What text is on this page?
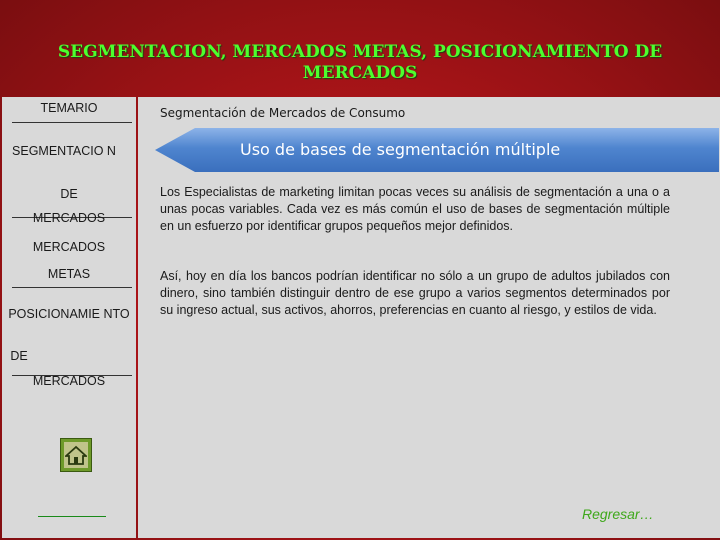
SEGMENTACION, MERCADOS METAS, POSICIONAMIENTO DE MERCADOS
TEMARIO
SEGMENTACIO N
DE
MERCADOS
MERCADOS
METAS
POSICIONAMIE NTO
DE
MERCADOS
Segmentación de Mercados de Consumo
Uso de bases de segmentación múltiple

Los Especialistas de marketing limitan pocas veces su análisis de segmentación a una o a unas pocas variables. Cada vez es más común el uso de bases de segmentación múltiple en un esfuerzo por identificar grupos pequeños mejor definidos.

Así, hoy en día los bancos podrían identificar no sólo a un grupo de adultos jubilados con dinero, sino también distinguir dentro de ese grupo a varios segmentos determinados por su ingreso actual, sus activos, ahorros, preferencias en cuanto al riesgo, y estilos de vida.

Regresar…
